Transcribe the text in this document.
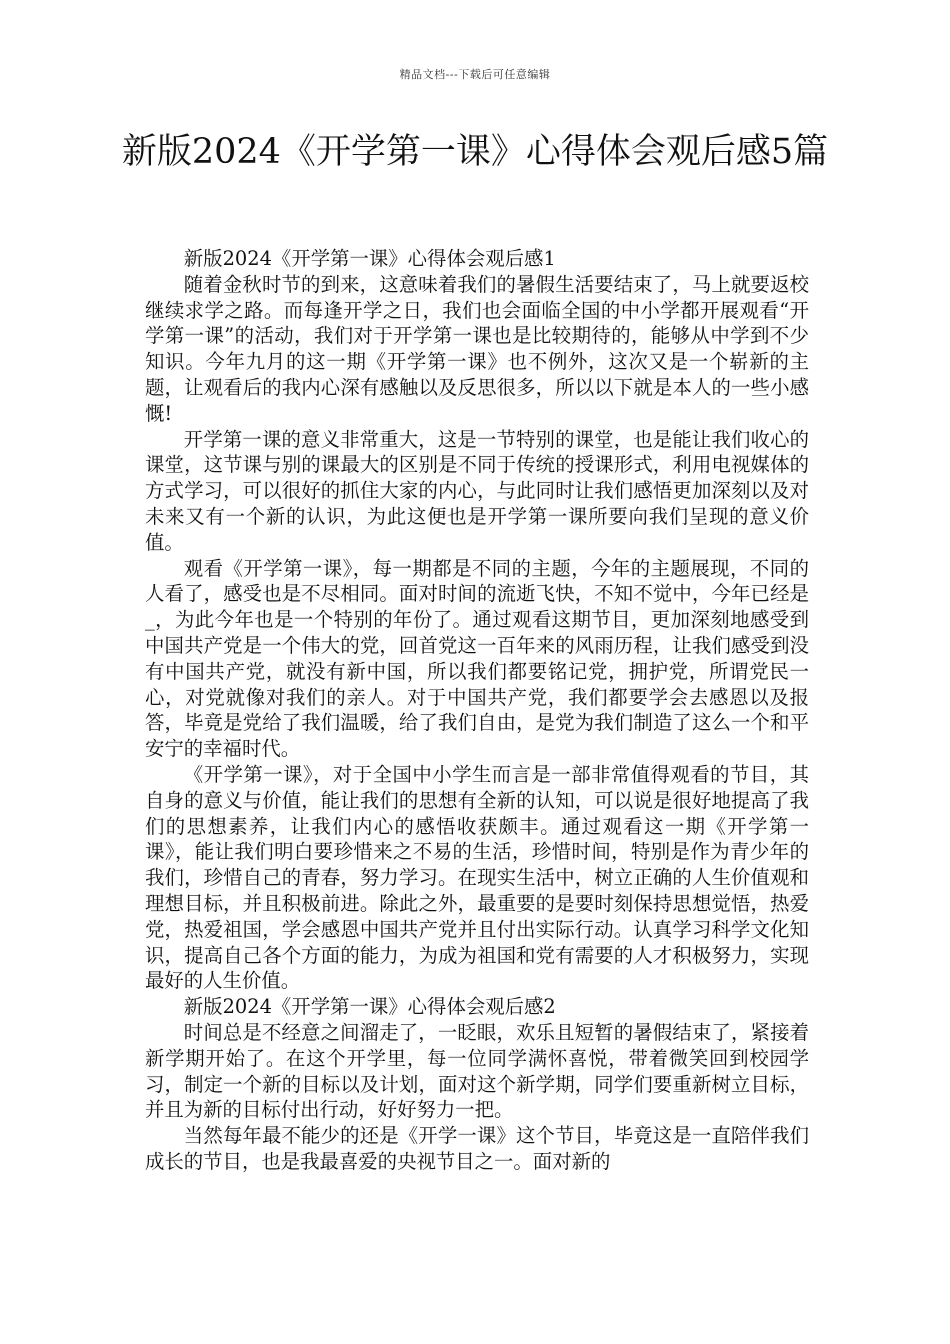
精品文档---下载后可任意编辑
新版2024《开学第一课》心得体会观后感5篇

新版2024《开学第一课》心得体会观后感1

随着金秋时节的到来，这意味着我们的暑假生活要结束了，马上就要返校继续求学之路。而每逢开学之日，我们也会面临全国的中小学都开展观看“开学第一课”的活动，我们对于开学第一课也是比较期待的，能够从中学到不少知识。今年九月的这一期《开学第一课》也不例外，这次又是一个崭新的主题，让观看后的我内心深有感触以及反思很多，所以以下就是本人的一些小感慨!

开学第一课的意义非常重大，这是一节特别的课堂，也是能让我们收心的课堂，这节课与别的课最大的区别是不同于传统的授课形式，利用电视媒体的方式学习，可以很好的抓住大家的内心，与此同时让我们感悟更加深刻以及对未来又有一个新的认识，为此这便也是开学第一课所要向我们呈现的意义价值。

观看《开学第一课》，每一期都是不同的主题，今年的主题展现，不同的人看了，感受也是不尽相同。面对时间的流逝飞快，不知不觉中，今年已经是_，为此今年也是一个特别的年份了。通过观看这期节目，更加深刻地感受到中国共产党是一个伟大的党，回首党这一百年来的风雨历程，让我们感受到没有中国共产党，就没有新中国，所以我们都要铭记党，拥护党，所谓党民一心，对党就像对我们的亲人。对于中国共产党，我们都要学会去感恩以及报答，毕竟是党给了我们温暖，给了我们自由，是党为我们制造了这么一个和平安宁的幸福时代。

《开学第一课》，对于全国中小学生而言是一部非常值得观看的节目，其自身的意义与价值，能让我们的思想有全新的认知，可以说是很好地提高了我们的思想素养，让我们内心的感悟收获颇丰。通过观看这一期《开学第一课》，能让我们明白要珍惜来之不易的生活，珍惜时间，特别是作为青少年的我们，珍惜自己的青春，努力学习。在现实生活中，树立正确的人生价值观和理想目标，并且积极前进。除此之外，最重要的是要时刻保持思想觉悟，热爱党，热爱祖国，学会感恩中国共产党并且付出实际行动。认真学习科学文化知识，提高自己各个方面的能力，为成为祖国和党有需要的人才积极努力，实现最好的人生价值。

新版2024《开学第一课》心得体会观后感2

时间总是不经意之间溜走了，一眨眼，欢乐且短暂的暑假结束了，紧接着新学期开始了。在这个开学里，每一位同学满怀喜悦，带着微笑回到校园学习，制定一个新的目标以及计划，面对这个新学期，同学们要重新树立目标，并且为新的目标付出行动，好好努力一把。

当然每年最不能少的还是《开学一课》这个节目，毕竟这是一直陪伴我们成长的节目，也是我最喜爱的央视节目之一。面对新的
